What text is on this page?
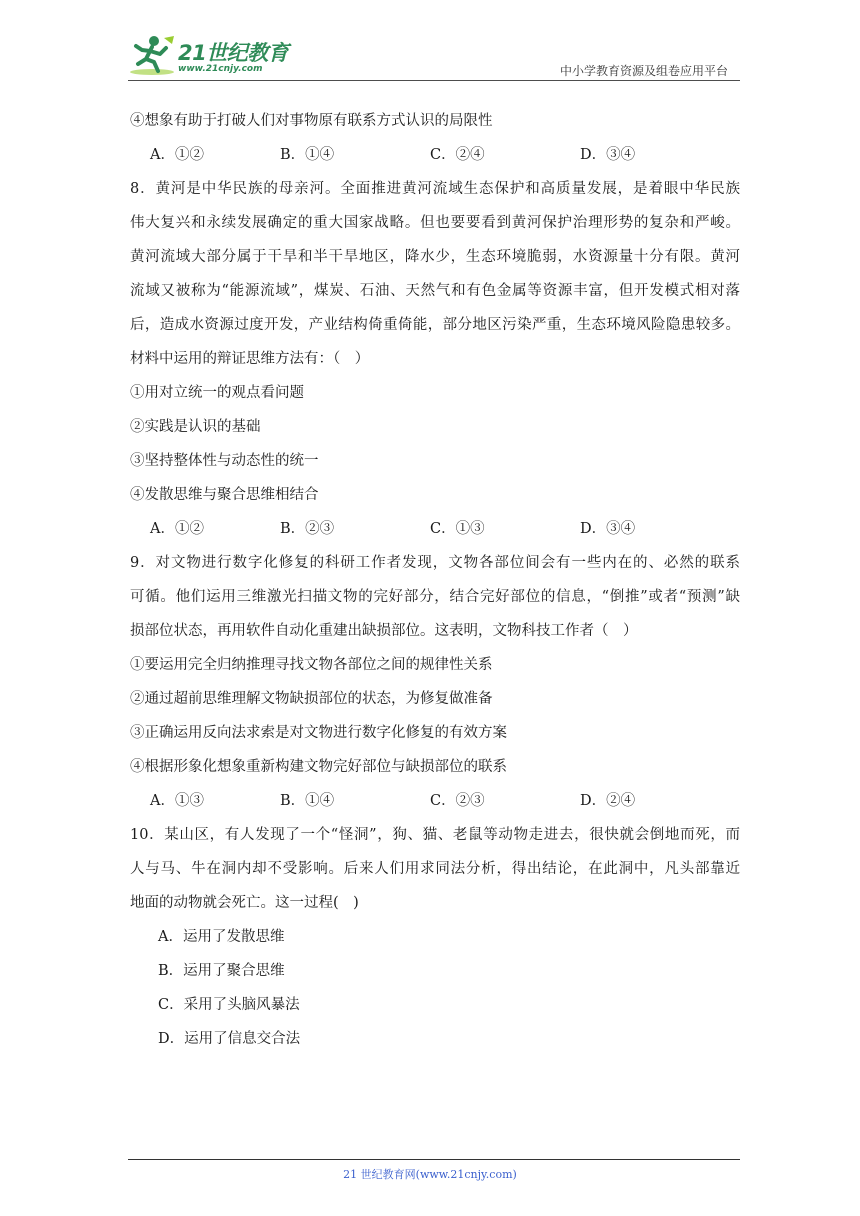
21世纪教育
www.21cnjy.com	中小学教育资源及组卷应用平台
④想象有助于打破人们对事物原有联系方式认识的局限性
A．①②	B．①④	C．②④	D．③④
8．黄河是中华民族的母亲河。全面推进黄河流域生态保护和高质量发展，是着眼中华民族
伟大复兴和永续发展确定的重大国家战略。但也要要看到黄河保护治理形势的复杂和严峻。
黄河流域大部分属于干旱和半干旱地区，降水少，生态环境脆弱，水资源量十分有限。黄河
流域又被称为“能源流域”，煤炭、石油、天然气和有色金属等资源丰富，但开发模式相对落
后，造成水资源过度开发，产业结构倚重倚能，部分地区污染严重，生态环境风险隐患较多。
材料中运用的辩证思维方法有：（　）
①用对立统一的观点看问题
②实践是认识的基础
③坚持整体性与动态性的统一
④发散思维与聚合思维相结合
A．①②	B．②③	C．①③	D．③④
9．对文物进行数字化修复的科研工作者发现，文物各部位间会有一些内在的、必然的联系
可循。他们运用三维激光扫描文物的完好部分，结合完好部位的信息，“倒推”或者“预测”缺
损部位状态，再用软件自动化重建出缺损部位。这表明，文物科技工作者（　）
①要运用完全归纳推理寻找文物各部位之间的规律性关系
②通过超前思维理解文物缺损部位的状态，为修复做准备
③正确运用反向法求索是对文物进行数字化修复的有效方案
④根据形象化想象重新构建文物完好部位与缺损部位的联系
A．①③	B．①④	C．②③	D．②④
10．某山区，有人发现了一个“怪洞”，狗、猫、老鼠等动物走进去，很快就会倒地而死，而
人与马、牛在洞内却不受影响。后来人们用求同法分析，得出结论，在此洞中，凡头部靠近
地面的动物就会死亡。这一过程(　)
A．运用了发散思维
B．运用了聚合思维
C．采用了头脑风暴法
D．运用了信息交合法
21 世纪教育网(www.21cnjy.com)
